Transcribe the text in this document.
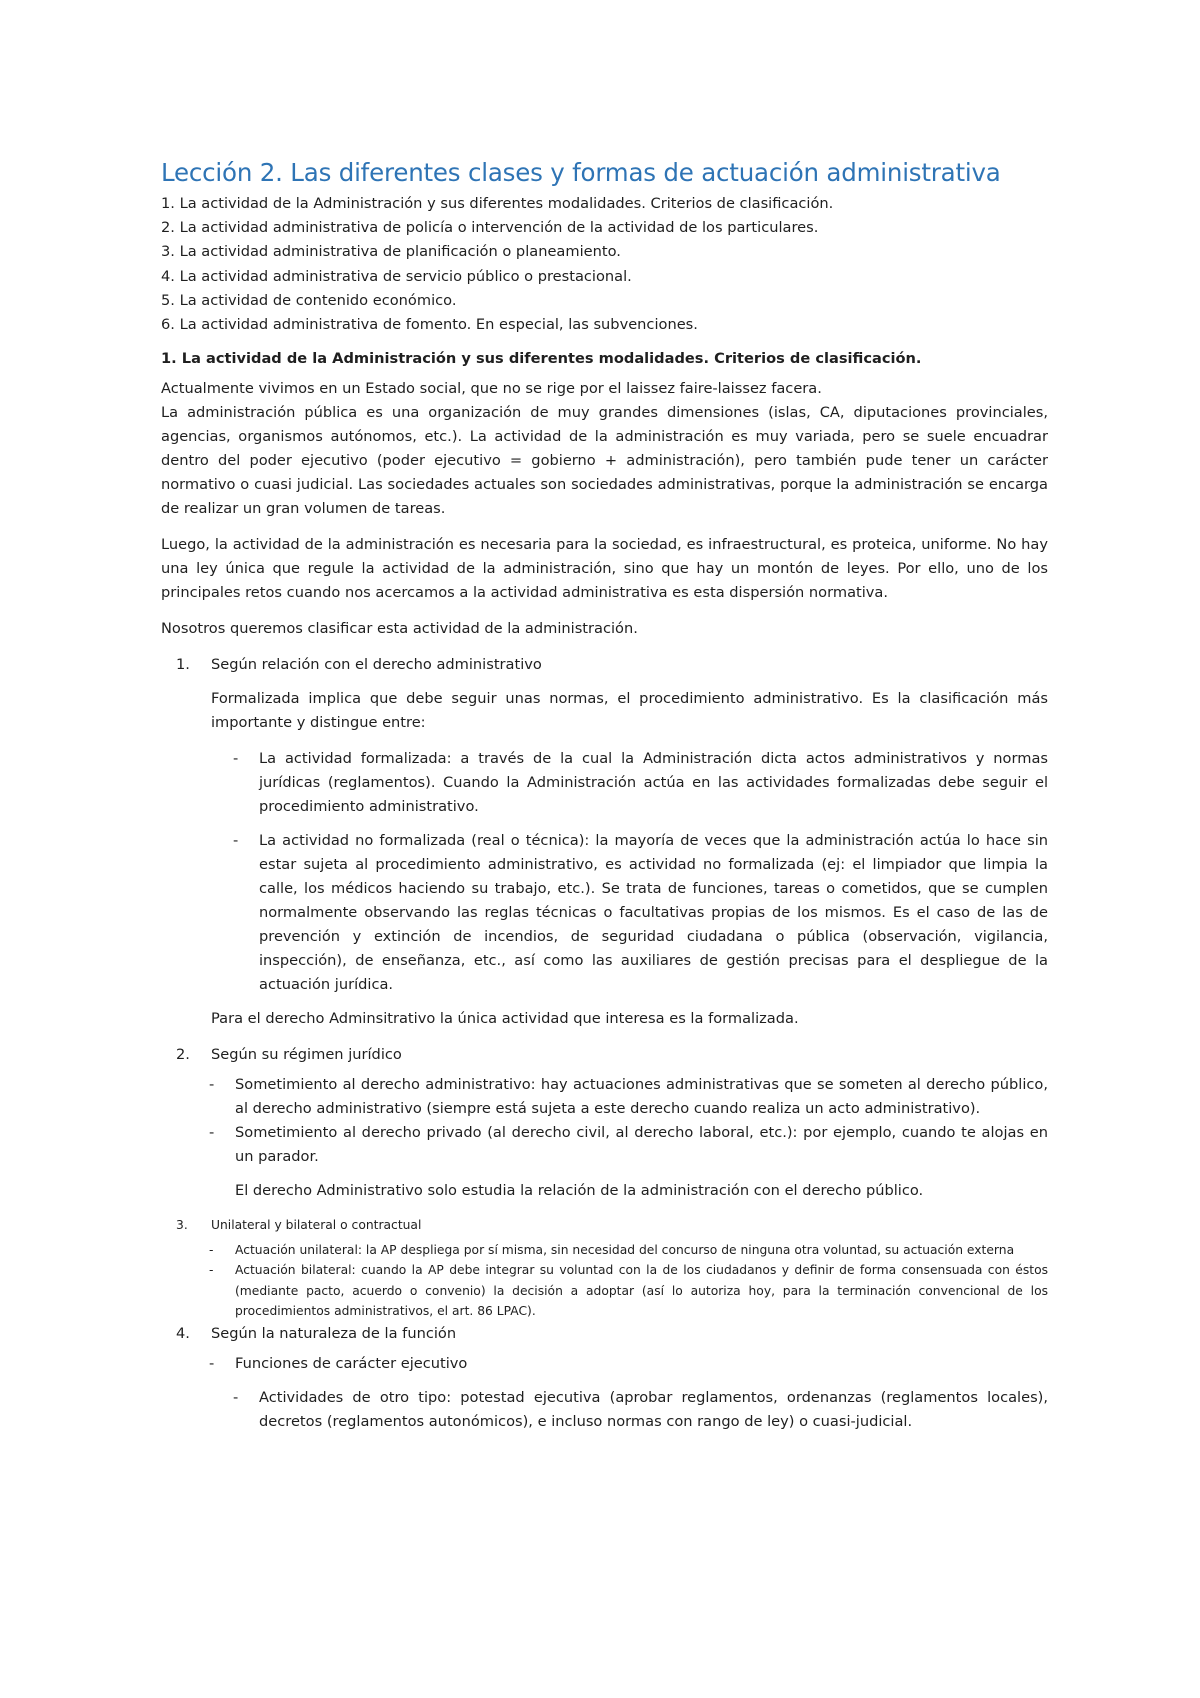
Lección 2. Las diferentes clases y formas de actuación administrativa
1. La actividad de la Administración y sus diferentes modalidades. Criterios de clasificación.
2. La actividad administrativa de policía o intervención de la actividad de los particulares.
3. La actividad administrativa de planificación o planeamiento.
4. La actividad administrativa de servicio público o prestacional.
5. La actividad de contenido económico.
6. La actividad administrativa de fomento. En especial, las subvenciones.
1. La actividad de la Administración y sus diferentes modalidades. Criterios de clasificación.

Actualmente vivimos en un Estado social, que no se rige por el laissez faire-laissez facera.

La administración pública es una organización de muy grandes dimensiones (islas, CA, diputaciones provinciales, agencias, organismos autónomos, etc.). La actividad de la administración es muy variada, pero se suele encuadrar dentro del poder ejecutivo (poder ejecutivo = gobierno + administración), pero también pude tener un carácter normativo o cuasi judicial. Las sociedades actuales son sociedades administrativas, porque la administración se encarga de realizar un gran volumen de tareas.

Luego, la actividad de la administración es necesaria para la sociedad, es infraestructural, es proteica, uniforme. No hay una ley única que regule la actividad de la administración, sino que hay un montón de leyes. Por ello, uno de los principales retos cuando nos acercamos a la actividad administrativa es esta dispersión normativa.

Nosotros queremos clasificar esta actividad de la administración.

1. Según relación con el derecho administrativo

Formalizada implica que debe seguir unas normas, el procedimiento administrativo. Es la clasificación más importante y distingue entre:

- La actividad formalizada: a través de la cual la Administración dicta actos administrativos y normas jurídicas (reglamentos). Cuando la Administración actúa en las actividades formalizadas debe seguir el procedimiento administrativo.
- La actividad no formalizada (real o técnica): la mayoría de veces que la administración actúa lo hace sin estar sujeta al procedimiento administrativo, es actividad no formalizada (ej: el limpiador que limpia la calle, los médicos haciendo su trabajo, etc.). Se trata de funciones, tareas o cometidos, que se cumplen normalmente observando las reglas técnicas o facultativas propias de los mismos. Es el caso de las de prevención y extinción de incendios, de seguridad ciudadana o pública (observación, vigilancia, inspección), de enseñanza, etc., así como las auxiliares de gestión precisas para el despliegue de la actuación jurídica.

Para el derecho Adminsitrativo la única actividad que interesa es la formalizada.

2. Según su régimen jurídico
- Sometimiento al derecho administrativo: hay actuaciones administrativas que se someten al derecho público, al derecho administrativo (siempre está sujeta a este derecho cuando realiza un acto administrativo).
- Sometimiento al derecho privado (al derecho civil, al derecho laboral, etc.): por ejemplo, cuando te alojas en un parador.

El derecho Administrativo solo estudia la relación de la administración con el derecho público.

3. Unilateral y bilateral o contractual
- Actuación unilateral: la AP despliega por sí misma, sin necesidad del concurso de ninguna otra voluntad, su actuación externa
- Actuación bilateral: cuando la AP debe integrar su voluntad con la de los ciudadanos y definir de forma consensuada con éstos (mediante pacto, acuerdo o convenio) la decisión a adoptar (así lo autoriza hoy, para la terminación convencional de los procedimientos administrativos, el art. 86 LPAC).
4. Según la naturaleza de la función
- Funciones de carácter ejecutivo
- Actividades de otro tipo: potestad ejecutiva (aprobar reglamentos, ordenanzas (reglamentos locales), decretos (reglamentos autonómicos), e incluso normas con rango de ley) o cuasi-judicial.
